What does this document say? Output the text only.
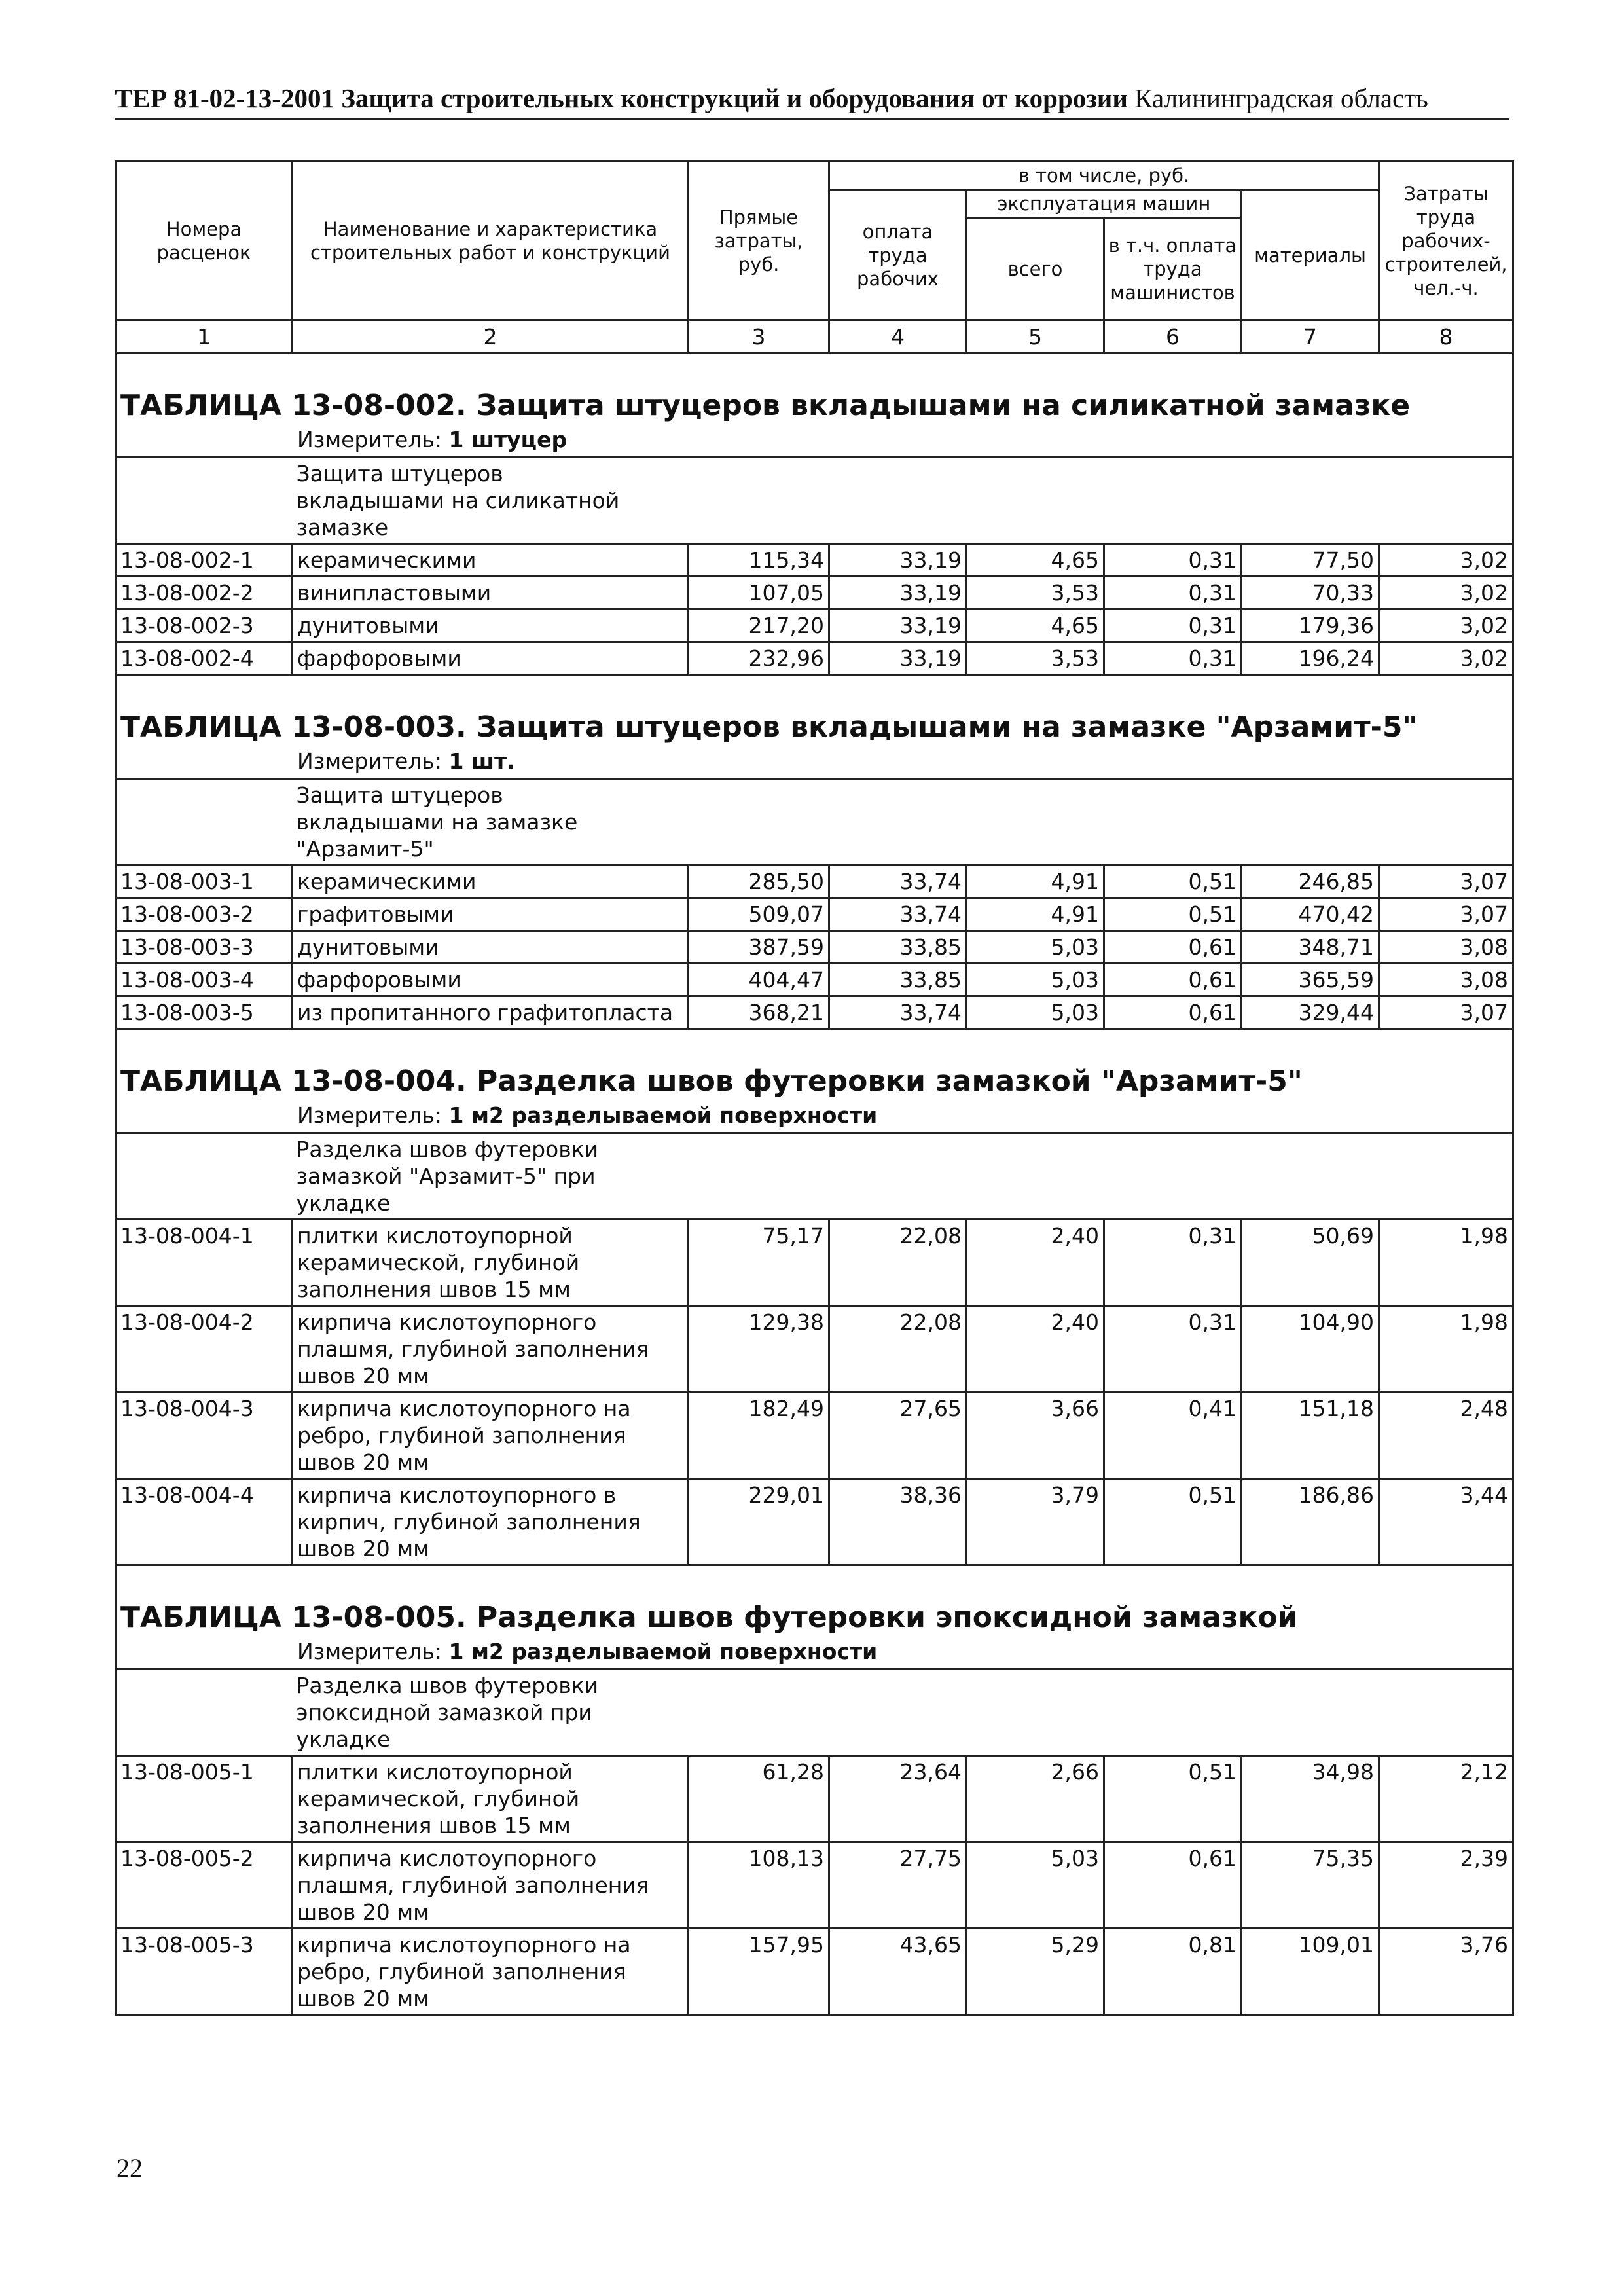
ТЕР 81-02-13-2001 Защита строительных конструкций и оборудования от коррозии Калининградская область
Номера расценок	Наименование и характеристика строительных работ и конструкций	Прямые затраты, руб.	в том числе, руб.				Затраты труда рабочих-строителей, чел.-ч.
			оплата труда рабочих	эксплуатация машин		материалы	
				всего	в т.ч. оплата труда машинистов		
1	2	3	4	5	6	7	8

ТАБЛИЦА 13-08-002. Защита штуцеров вкладышами на силикатной замазке
Измеритель: 1 штуцер							

	Защита штуцеров вкладышами на силикатной замазке						
13-08-002-1	керамическими	115,34	33,19	4,65	0,31	77,50	3,02
13-08-002-2	винипластовыми	107,05	33,19	3,53	0,31	70,33	3,02
13-08-002-3	дунитовыми	217,20	33,19	4,65	0,31	179,36	3,02
13-08-002-4	фарфоровыми	232,96	33,19	3,53	0,31	196,24	3,02

ТАБЛИЦА 13-08-003. Защита штуцеров вкладышами на замазке "Арзамит-5"
Измеритель: 1 шт.							

	Защита штуцеров вкладышами на замазке "Арзамит-5"						
13-08-003-1	керамическими	285,50	33,74	4,91	0,51	246,85	3,07
13-08-003-2	графитовыми	509,07	33,74	4,91	0,51	470,42	3,07
13-08-003-3	дунитовыми	387,59	33,85	5,03	0,61	348,71	3,08
13-08-003-4	фарфоровыми	404,47	33,85	5,03	0,61	365,59	3,08
13-08-003-5	из пропитанного графитопласта	368,21	33,74	5,03	0,61	329,44	3,07

ТАБЛИЦА 13-08-004. Разделка швов футеровки замазкой "Арзамит-5"
Измеритель: 1 м2 разделываемой поверхности							

	Разделка швов футеровки замазкой "Арзамит-5" при укладке						
13-08-004-1	плитки кислотоупорной керамической, глубиной заполнения швов 15 мм	75,17	22,08	2,40	0,31	50,69	1,98
13-08-004-2	кирпича кислотоупорного плашмя, глубиной заполнения швов 20 мм	129,38	22,08	2,40	0,31	104,90	1,98
13-08-004-3	кирпича кислотоупорного на ребро, глубиной заполнения швов 20 мм	182,49	27,65	3,66	0,41	151,18	2,48
13-08-004-4	кирпича кислотоупорного в кирпич, глубиной заполнения швов 20 мм	229,01	38,36	3,79	0,51	186,86	3,44

ТАБЛИЦА 13-08-005. Разделка швов футеровки эпоксидной замазкой
Измеритель: 1 м2 разделываемой поверхности							

	Разделка швов футеровки эпоксидной замазкой при укладке						
13-08-005-1	плитки кислотоупорной керамической, глубиной заполнения швов 15 мм	61,28	23,64	2,66	0,51	34,98	2,12
13-08-005-2	кирпича кислотоупорного плашмя, глубиной заполнения швов 20 мм	108,13	27,75	5,03	0,61	75,35	2,39
13-08-005-3	кирпича кислотоупорного на ребро, глубиной заполнения швов 20 мм	157,95	43,65	5,29	0,81	109,01	3,76
22
